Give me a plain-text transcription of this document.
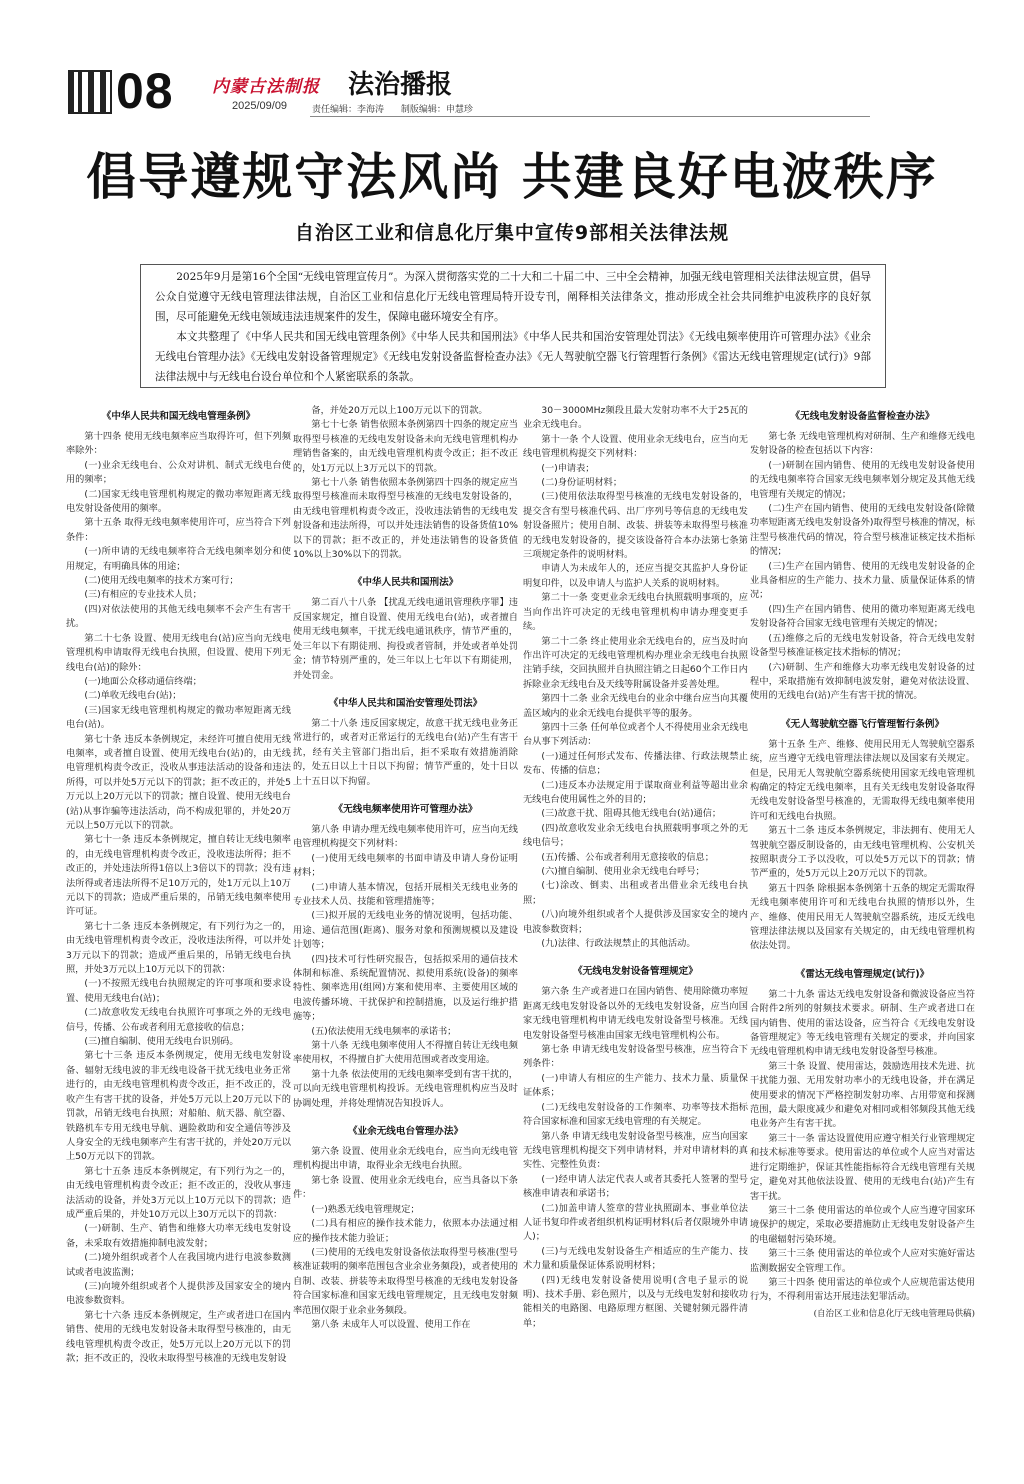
08 内蒙古法制报
2025/09/09
法治播报
责任编辑：李海涛 制版编辑：申慧珍
倡导遵规守法风尚 共建良好电波秩序
自治区工业和信息化厅集中宣传9部相关法律法规

2025年9月是第16个全国“无线电管理宣传月”。为深入贯彻落实党的二十大和二十届二中、三中全会精神，加强无线电管理相关法律法规宣贯，倡导公众自觉遵守无线电管理法律法规，自治区工业和信息化厅无线电管理局特开设专刊，阐释相关法律条文，推动形成全社会共同维护电波秩序的良好氛围，尽可能避免无线电领域违法违规案件的发生，保障电磁环境安全有序。

本文共整理了《中华人民共和国无线电管理条例》《中华人民共和国刑法》《中华人民共和国治安管理处罚法》《无线电频率使用许可管理办法》《业余无线电台管理办法》《无线电发射设备管理规定》《无线电发射设备监督检查办法》《无人驾驶航空器飞行管理暂行条例》《雷达无线电管理规定(试行)》9部法律法规中与无线电台设台单位和个人紧密联系的条款。

《中华人民共和国无线电管理条例》

第十四条 使用无线电频率应当取得许可，但下列频率除外：

(一)业余无线电台、公众对讲机、制式无线电台使用的频率；

(二)国家无线电管理机构规定的微功率短距离无线电发射设备使用的频率。

第十五条 取得无线电频率使用许可，应当符合下列条件：

(一)所申请的无线电频率符合无线电频率划分和使用规定，有明确具体的用途；

(二)使用无线电频率的技术方案可行；

(三)有相应的专业技术人员；

(四)对依法使用的其他无线电频率不会产生有害干扰。

第二十七条 设置、使用无线电台(站)应当向无线电管理机构申请取得无线电台执照，但设置、使用下列无线电台(站)的除外：

(一)地面公众移动通信终端；

(二)单收无线电台(站)；

(三)国家无线电管理机构规定的微功率短距离无线电台(站)。

第七十条 违反本条例规定，未经许可擅自使用无线电频率，或者擅自设置、使用无线电台(站)的，由无线电管理机构责令改正，没收从事违法活动的设备和违法所得，可以并处5万元以下的罚款；拒不改正的，并处5万元以上20万元以下的罚款；擅自设置、使用无线电台(站)从事诈骗等违法活动，尚不构成犯罪的，并处20万元以上50万元以下的罚款。

第七十一条 违反本条例规定，擅自转让无线电频率的，由无线电管理机构责令改正，没收违法所得；拒不改正的，并处违法所得1倍以上3倍以下的罚款；没有违法所得或者违法所得不足10万元的，处1万元以上10万元以下的罚款；造成严重后果的，吊销无线电频率使用许可证。

第七十二条 违反本条例规定，有下列行为之一的，由无线电管理机构责令改正，没收违法所得，可以并处3万元以下的罚款；造成严重后果的，吊销无线电台执照，并处3万元以上10万元以下的罚款：

(一)不按照无线电台执照规定的许可事项和要求设置、使用无线电台(站)；

(二)故意收发无线电台执照许可事项之外的无线电信号，传播、公布或者利用无意接收的信息；

(三)擅自编制、使用无线电台识别码。

第七十三条 违反本条例规定，使用无线电发射设备、辐射无线电波的非无线电设备干扰无线电业务正常进行的，由无线电管理机构责令改正，拒不改正的，没收产生有害干扰的设备，并处5万元以上20万元以下的罚款，吊销无线电台执照；对船舶、航天器、航空器、铁路机车专用无线电导航、遇险救助和安全通信等涉及人身安全的无线电频率产生有害干扰的，并处20万元以上50万元以下的罚款。

第七十五条 违反本条例规定，有下列行为之一的，由无线电管理机构责令改正；拒不改正的，没收从事违法活动的设备，并处3万元以上10万元以下的罚款；造成严重后果的，并处10万元以上30万元以下的罚款：

(一)研制、生产、销售和维修大功率无线电发射设备，未采取有效措施抑制电波发射；

(二)境外组织或者个人在我国境内进行电波参数测试或者电波监测；

(三)向境外组织或者个人提供涉及国家安全的境内电波参数资料。

第七十六条 违反本条例规定，生产或者进口在国内销售、使用的无线电发射设备未取得型号核准的，由无线电管理机构责令改正，处5万元以上20万元以下的罚款；拒不改正的，没收未取得型号核准的无线电发射设

备，并处20万元以上100万元以下的罚款。

第七十七条 销售依照本条例第四十四条的规定应当取得型号核准的无线电发射设备未向无线电管理机构办理销售备案的，由无线电管理机构责令改正；拒不改正的，处1万元以上3万元以下的罚款。

第七十八条 销售依照本条例第四十四条的规定应当取得型号核准而未取得型号核准的无线电发射设备的，由无线电管理机构责令改正，没收违法销售的无线电发射设备和违法所得，可以并处违法销售的设备货值10%以下的罚款；拒不改正的，并处违法销售的设备货值10%以上30%以下的罚款。

《中华人民共和国刑法》

第二百八十八条 【扰乱无线电通讯管理秩序罪】违反国家规定，擅自设置、使用无线电台(站)，或者擅自使用无线电频率，干扰无线电通讯秩序，情节严重的，处三年以下有期徒刑、拘役或者管制，并处或者单处罚金；情节特别严重的，处三年以上七年以下有期徒刑，并处罚金。

《中华人民共和国治安管理处罚法》

第二十八条 违反国家规定，故意干扰无线电业务正常进行的，或者对正常运行的无线电台(站)产生有害干扰，经有关主管部门指出后，拒不采取有效措施消除的，处五日以上十日以下拘留；情节严重的，处十日以上十五日以下拘留。

《无线电频率使用许可管理办法》

第八条 申请办理无线电频率使用许可，应当向无线电管理机构提交下列材料：

(一)使用无线电频率的书面申请及申请人身份证明材料；

(二)申请人基本情况，包括开展相关无线电业务的专业技术人员、技能和管理措施等；

(三)拟开展的无线电业务的情况说明，包括功能、用途、通信范围(距离)、服务对象和预测规模以及建设计划等；

(四)技术可行性研究报告，包括拟采用的通信技术体制和标准、系统配置情况、拟使用系统(设备)的频率特性、频率选用(组网)方案和使用率、主要使用区域的电波传播环境、干扰保护和控制措施，以及运行维护措施等；

(五)依法使用无线电频率的承诺书；

第十八条 无线电频率使用人不得擅自转让无线电频率使用权，不得擅自扩大使用范围或者改变用途。

第十九条 依法使用的无线电频率受到有害干扰的，可以向无线电管理机构投诉。无线电管理机构应当及时协调处理，并将处理情况告知投诉人。

《业余无线电台管理办法》

第六条 设置、使用业余无线电台，应当向无线电管理机构提出申请，取得业余无线电台执照。

第七条 设置、使用业余无线电台，应当具备以下条件：

(一)熟悉无线电管理规定；

(二)具有相应的操作技术能力，依照本办法通过相应的操作技术能力验证；

(三)使用的无线电发射设备依法取得型号核准(型号核准证载明的频率范围包含业余业务频段)，或者使用的自制、改装、拼装等未取得型号核准的无线电发射设备符合国家标准和国家无线电管理规定，且无线电发射频率范围仅限于业余业务频段。

第八条 未成年人可以设置、使用工作在

30－3000MHz频段且最大发射功率不大于25瓦的业余无线电台。

第十一条 个人设置、使用业余无线电台，应当向无线电管理机构提交下列材料：

(一)申请表；

(二)身份证明材料；

(三)使用依法取得型号核准的无线电发射设备的，提交含有型号核准代码、出厂序列号等信息的无线电发射设备照片；使用自制、改装、拼装等未取得型号核准的无线电发射设备的，提交该设备符合本办法第七条第三项规定条件的说明材料。

申请人为未成年人的，还应当提交其监护人身份证明复印件，以及申请人与监护人关系的说明材料。

第二十一条 变更业余无线电台执照载明事项的，应当向作出许可决定的无线电管理机构申请办理变更手续。

第二十二条 终止使用业余无线电台的，应当及时向作出许可决定的无线电管理机构办理业余无线电台执照注销手续，交回执照并自执照注销之日起60个工作日内拆除业余无线电台及天线等附属设备并妥善处理。

第四十二条 业余无线电台的业余中继台应当向其覆盖区域内的业余无线电台提供平等的服务。

第四十三条 任何单位或者个人不得使用业余无线电台从事下列活动：

(一)通过任何形式发布、传播法律、行政法规禁止发布、传播的信息；

(二)违反本办法规定用于谋取商业利益等超出业余无线电台使用属性之外的目的；

(三)故意干扰、阻碍其他无线电台(站)通信；

(四)故意收发业余无线电台执照载明事项之外的无线电信号；

(五)传播、公布或者利用无意接收的信息；

(六)擅自编制、使用业余无线电台呼号；

(七)涂改、倒卖、出租或者出借业余无线电台执照；

(八)向境外组织或者个人提供涉及国家安全的境内电波参数资料；

(九)法律、行政法规禁止的其他活动。

《无线电发射设备管理规定》

第六条 生产或者进口在国内销售、使用除微功率短距离无线电发射设备以外的无线电发射设备，应当向国家无线电管理机构申请无线电发射设备型号核准。无线电发射设备型号核准由国家无线电管理机构公布。

第七条 申请无线电发射设备型号核准，应当符合下列条件：

(一)申请人有相应的生产能力、技术力量、质量保证体系；

(二)无线电发射设备的工作频率、功率等技术指标符合国家标准和国家无线电管理的有关规定。

第八条 申请无线电发射设备型号核准，应当向国家无线电管理机构提交下列申请材料，并对申请材料的真实性、完整性负责：

(一)经申请人法定代表人或者其委托人签署的型号核准申请表和承诺书；

(二)加盖申请人签章的营业执照副本、事业单位法人证书复印件或者组织机构证明材料(后者仅限境外申请人)；

(三)与无线电发射设备生产相适应的生产能力、技术力量和质量保证体系说明材料；

(四)无线电发射设备使用说明(含电子显示的说明)、技术手册、彩色照片，以及与无线电发射和接收功能相关的电路图、电路原理方框图、关键射频元器件清单；

《无线电发射设备监督检查办法》

第七条 无线电管理机构对研制、生产和维修无线电发射设备的检查包括以下内容：

(一)研制在国内销售、使用的无线电发射设备使用的无线电频率符合国家无线电频率划分规定及其他无线电管理有关规定的情况；

(二)生产在国内销售、使用的无线电发射设备(除微功率短距离无线电发射设备外)取得型号核准的情况，标注型号核准代码的情况，符合型号核准证核定技术指标的情况；

(三)生产在国内销售、使用的无线电发射设备的企业具备相应的生产能力、技术力量、质量保证体系的情况；

(四)生产在国内销售、使用的微功率短距离无线电发射设备符合国家无线电管理有关规定的情况；

(五)维修之后的无线电发射设备，符合无线电发射设备型号核准证核定技术指标的情况；

(六)研制、生产和维修大功率无线电发射设备的过程中，采取措施有效抑制电波发射，避免对依法设置、使用的无线电台(站)产生有害干扰的情况。

《无人驾驶航空器飞行管理暂行条例》

第十五条 生产、维修、使用民用无人驾驶航空器系统，应当遵守无线电管理法律法规以及国家有关规定。但是，民用无人驾驶航空器系统使用国家无线电管理机构确定的特定无线电频率，且有关无线电发射设备取得无线电发射设备型号核准的，无需取得无线电频率使用许可和无线电台执照。

第五十二条 违反本条例规定，非法拥有、使用无人驾驶航空器反制设备的，由无线电管理机构、公安机关按照职责分工予以没收，可以处5万元以下的罚款；情节严重的，处5万元以上20万元以下的罚款。

第五十四条 除根据本条例第十五条的规定无需取得无线电频率使用许可和无线电台执照的情形以外，生产、维修、使用民用无人驾驶航空器系统，违反无线电管理法律法规以及国家有关规定的，由无线电管理机构依法处罚。

《雷达无线电管理规定(试行)》

第二十九条 雷达无线电发射设备和微波设备应当符合附件2所列的射频技术要求。研制、生产或者进口在国内销售、使用的雷达设备，应当符合《无线电发射设备管理规定》等无线电管理有关规定的要求，并向国家无线电管理机构申请无线电发射设备型号核准。

第三十条 设置、使用雷达，鼓励选用技术先进、抗干扰能力强、无用发射功率小的无线电设备，并在满足使用要求的情况下严格控制发射功率、占用带宽和探测范围，最大限度减少和避免对相同或相邻频段其他无线电业务产生有害干扰。

第三十一条 雷达设置使用应遵守相关行业管理规定和技术标准等要求。使用雷达的单位或个人应当对雷达进行定期维护，保证其性能指标符合无线电管理有关规定，避免对其他依法设置、使用的无线电台(站)产生有害干扰。

第三十二条 使用雷达的单位或个人应当遵守国家环境保护的规定，采取必要措施防止无线电发射设备产生的电磁辐射污染环境。

第三十三条 使用雷达的单位或个人应对实施好雷达监测数据安全管理工作。

第三十四条 使用雷达的单位或个人应规范雷达使用行为，不得利用雷达开展违法犯罪活动。

(自治区工业和信息化厅无线电管理局供稿)
